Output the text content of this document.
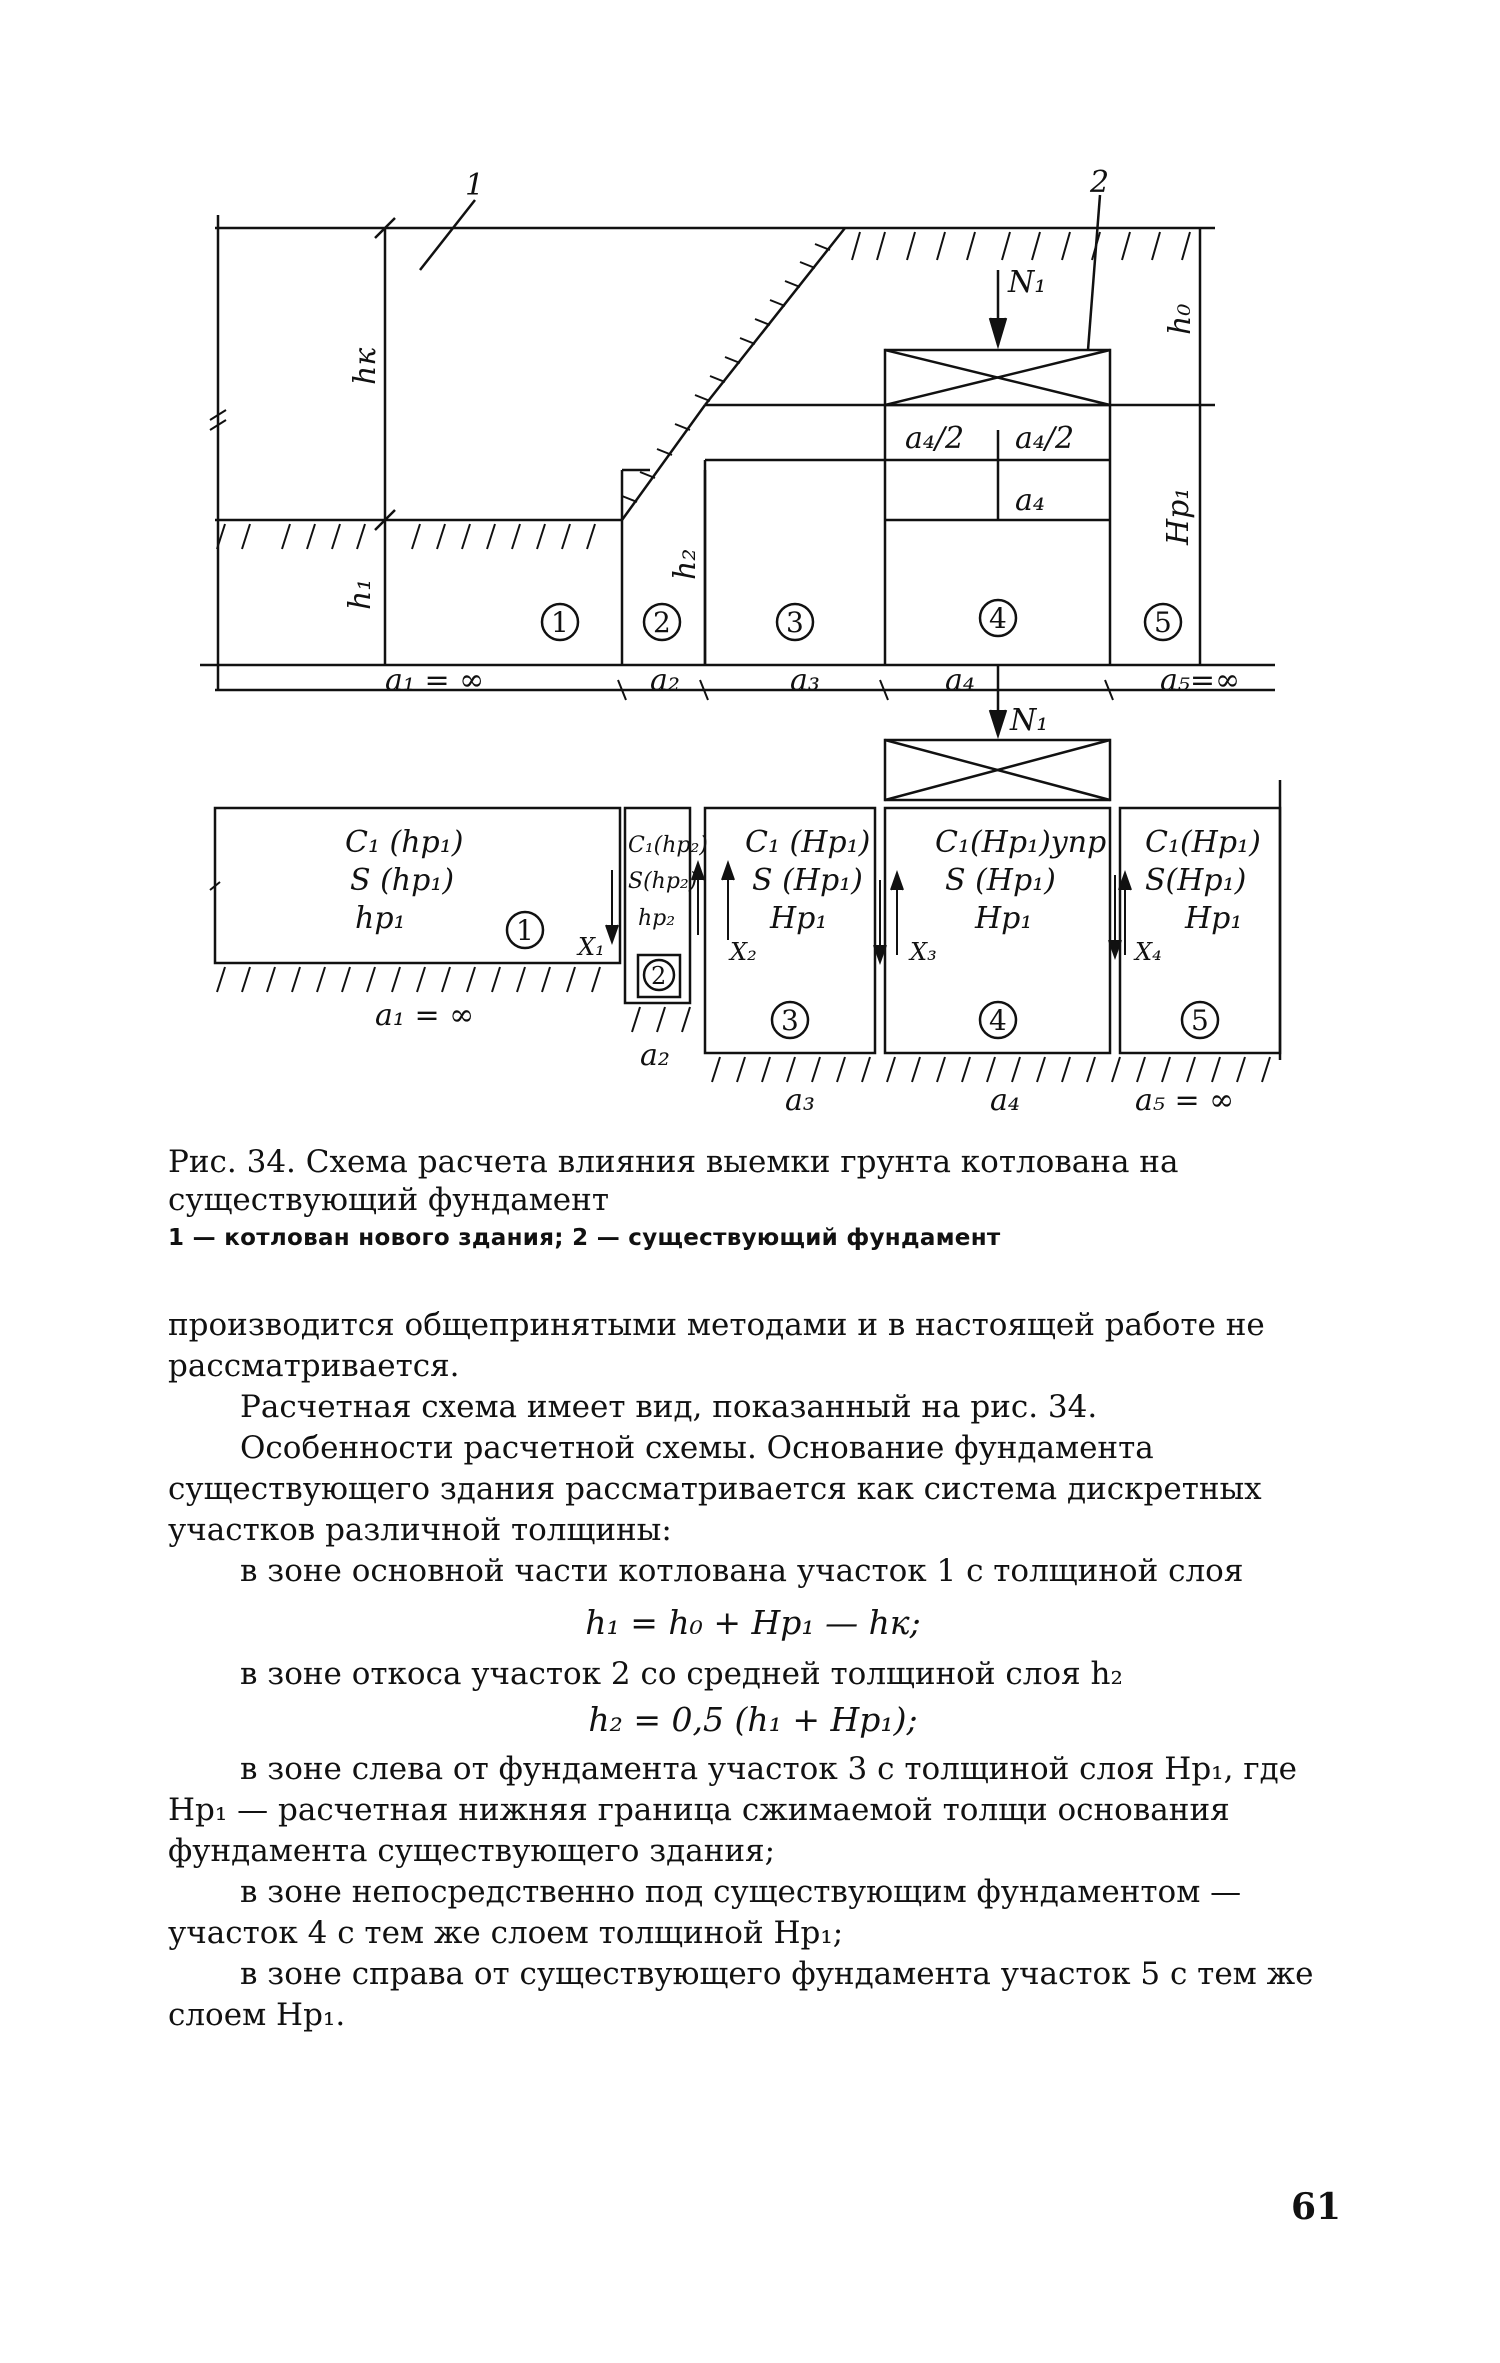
1	2
hк
h₀
h₁
h₂
Hр₁
N₁
a₄/2 a₄/2
a₄
a₁ = ∞	a₂	a₃	a₄	a₅=∞
1	2	3	4	5
N₁
C₁ (hp₁)
S (hp₁)
hp₁
C₁(hp₂)
S(hp₂)
hp₂
C₁ (Hp₁)
S (Hp₁)
Hp₁
C₁(Hp₁)yпр
S (Hp₁)
Hp₁
C₁(Hp₁)
S(Hp₁)
Hp₁
X₁	X₂	X₃	X₄
a₁ = ∞
a₂
a₃	a₄	a₅ = ∞
1
2
3	4	5
Рис. 34. Схема расчета влияния выемки грунта котлована на существующий фундамент
1 — котлован нового здания; 2 — существующий фундамент

производится общепринятыми методами и в настоящей работе не рассматривается.

Расчетная схема имеет вид, показанный на рис. 34.

Особенности расчетной схемы. Основание фундамента существующего здания рассматривается как система дискретных участков различной толщины:

в зоне основной части котлована участок 1 с толщиной слоя

h₁ = h₀ + Hр₁ — hк;

в зоне откоса участок 2 со средней толщиной слоя h₂

h₂ = 0,5 (h₁ + Hр₁);

в зоне слева от фундамента участок 3 с толщиной слоя Hр₁, где Hр₁ — расчетная нижняя граница сжимаемой толщи основания фундамента существующего здания;

в зоне непосредственно под существующим фундаментом — участок 4 с тем же слоем толщиной Hр₁;

в зоне справа от существующего фундамента участок 5 с тем же слоем Hр₁.

61
